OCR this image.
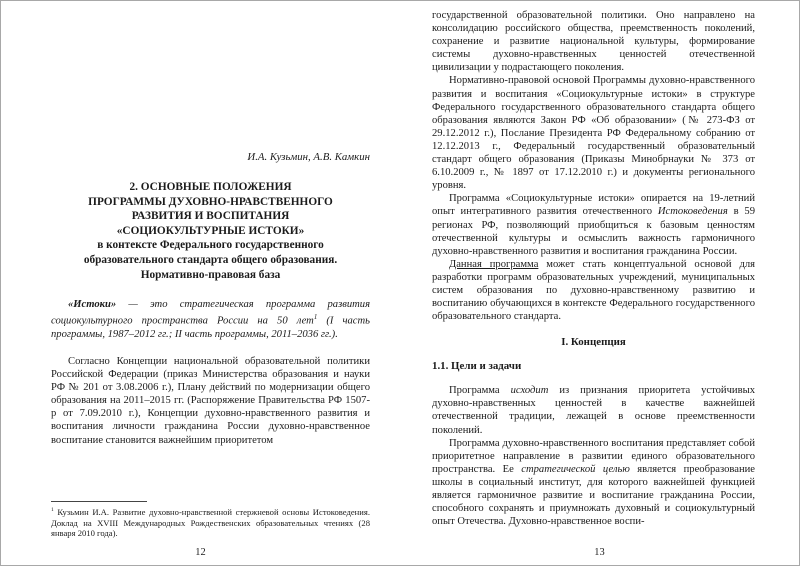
И.А. Кузьмин, А.В. Камкин
2. ОСНОВНЫЕ ПОЛОЖЕНИЯ
ПРОГРАММЫ ДУХОВНО-НРАВСТВЕННОГО
РАЗВИТИЯ И ВОСПИТАНИЯ
«СОЦИОКУЛЬТУРНЫЕ ИСТОКИ»
в контексте Федерального государственного
образовательного стандарта общего образования.
Нормативно-правовая база

«Истоки» — это стратегическая программа развития социокультурного пространства России на 50 лет$^1$ (I часть программы, 1987–2012 гг.; II часть программы, 2011–2036 гг.).

Согласно Концепции национальной образовательной политики Российской Федерации (приказ Министерства образования и науки РФ № 201 от 3.08.2006 г.), Плану действий по модернизации общего образования на 2011–2015 гг. (Распоряжение Правительства РФ 1507-р от 7.09.2010 г.), Концепции духовно-нравственного развития и воспитания личности гражданина России духовно-нравственное воспитание становится важнейшим приоритетом

$^1$ Кузьмин И.А. Развитие духовно-нравственной стержневой основы Истоковедения. Доклад на XVIII Международных Рождественских образовательных чтениях (28 января 2010 года).
12

государственной образовательной политики. Оно направлено на консолидацию российского общества, преемственность поколений, сохранение и развитие национальной культуры, формирование системы духовно-нравственных ценностей отечественной цивилизации у подрастающего поколения.

Нормативно-правовой основой Программы духовно-нравственного развития и воспитания «Социокультурные истоки» в структуре Федерального государственного образовательного стандарта общего образования являются Закон РФ «Об образовании» (№ 273-ФЗ от 29.12.2012 г.), Послание Президента РФ Федеральному собранию от 12.12.2013 г., Федеральный государственный образовательный стандарт общего образования (Приказы Минобрнауки № 373 от 6.10.2009 г., № 1897 от 17.12.2010 г.) и документы регионального уровня.

Программа «Социокультурные истоки» опирается на 19-летний опыт интегративного развития отечественного Истоковедения в 59 регионах РФ, позволяющий приобщиться к базовым ценностям отечественной культуры и осмыслить важность гармоничного духовно-нравственного развития и воспитания гражданина России.

Данная программа может стать концептуальной основой для разработки программ образовательных учреждений, муниципальных систем образования по духовно-нравственному развитию и воспитанию обучающихся в контексте Федерального государственного образовательного стандарта.

I. Концепция
1.1. Цели и задачи

Программа исходит из признания приоритета устойчивых духовно-нравственных ценностей в качестве важнейшей отечественной традиции, лежащей в основе преемственности поколений.

Программа духовно-нравственного воспитания представляет собой приоритетное направление в развитии единого образовательного пространства. Ее стратегической целью является преобразование школы в социальный институт, для которого важнейшей функцией является гармоничное развитие и воспитание гражданина России, способного сохранять и приумножать духовный и социокультурный опыт Отечества. Духовно-нравственное воспи-

13
